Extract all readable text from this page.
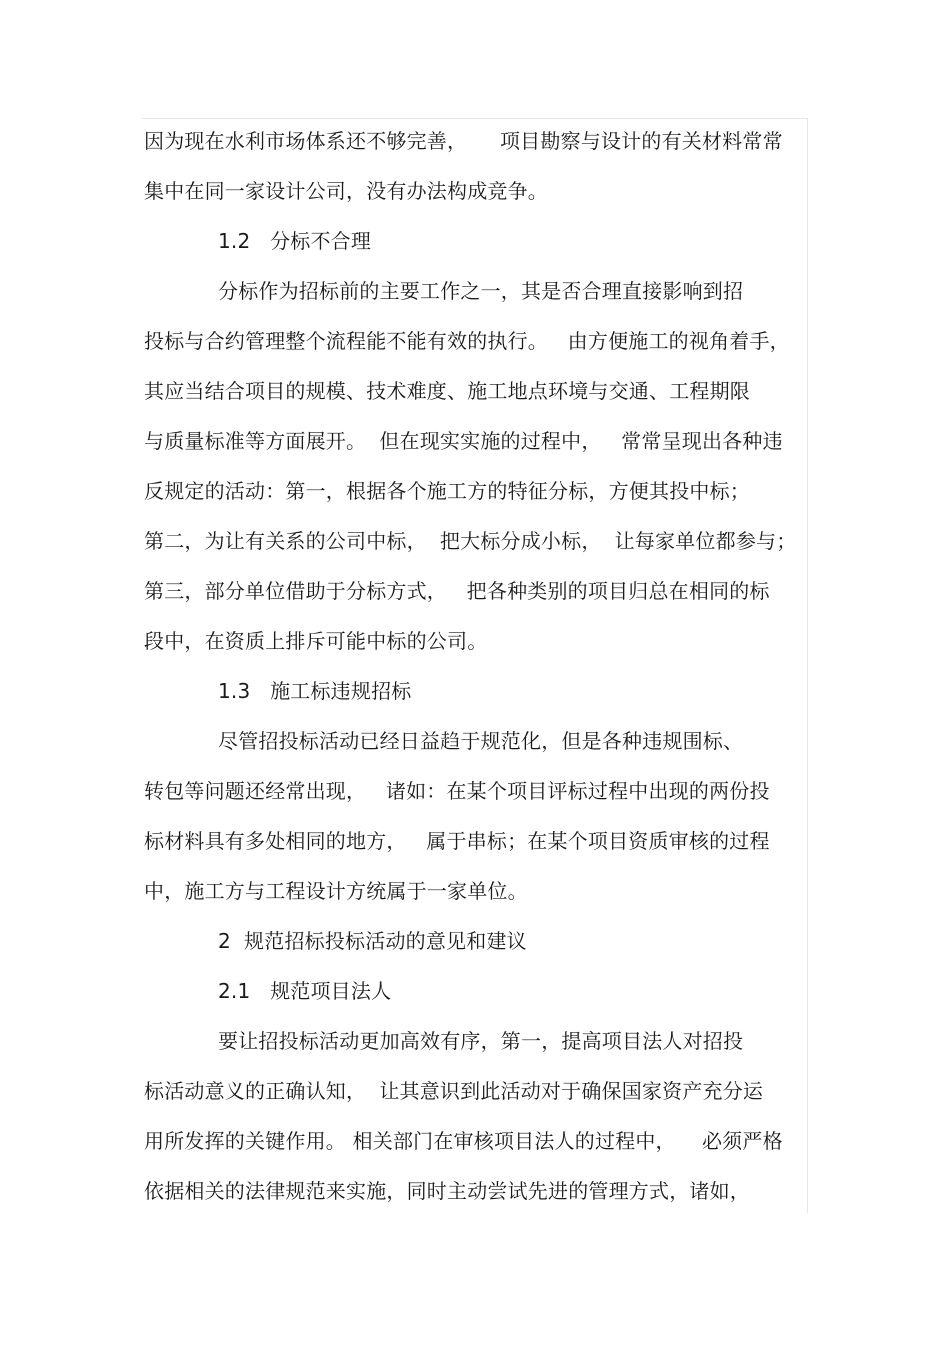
因为现在水利市场体系还不够完善，     项目勘察与设计的有关材料常常
集中在同一家设计公司，没有办法构成竞争。
1.2   分标不合理
分标作为招标前的主要工作之一，其是否合理直接影响到招
投标与合约管理整个流程能不能有效的执行。   由方便施工的视角着手，
其应当结合项目的规模、技术难度、施工地点环境与交通、工程期限
与质量标准等方面展开。  但在现实实施的过程中，   常常呈现出各种违
反规定的活动：第一，根据各个施工方的特征分标，方便其投中标；
第二，为让有关系的公司中标，  把大标分成小标，  让每家单位都参与；
第三，部分单位借助于分标方式，   把各种类别的项目归总在相同的标
段中，在资质上排斥可能中标的公司。
1.3   施工标违规招标
尽管招投标活动已经日益趋于规范化，但是各种违规围标、
转包等问题还经常出现，   诸如：在某个项目评标过程中出现的两份投
标材料具有多处相同的地方，   属于串标；在某个项目资质审核的过程
中，施工方与工程设计方统属于一家单位。
2  规范招标投标活动的意见和建议
2.1   规范项目法人
要让招投标活动更加高效有序，第一，提高项目法人对招投
标活动意义的正确认知，  让其意识到此活动对于确保国家资产充分运
用所发挥的关键作用。 相关部门在审核项目法人的过程中，    必须严格
依据相关的法律规范来实施，同时主动尝试先进的管理方式，诸如，
